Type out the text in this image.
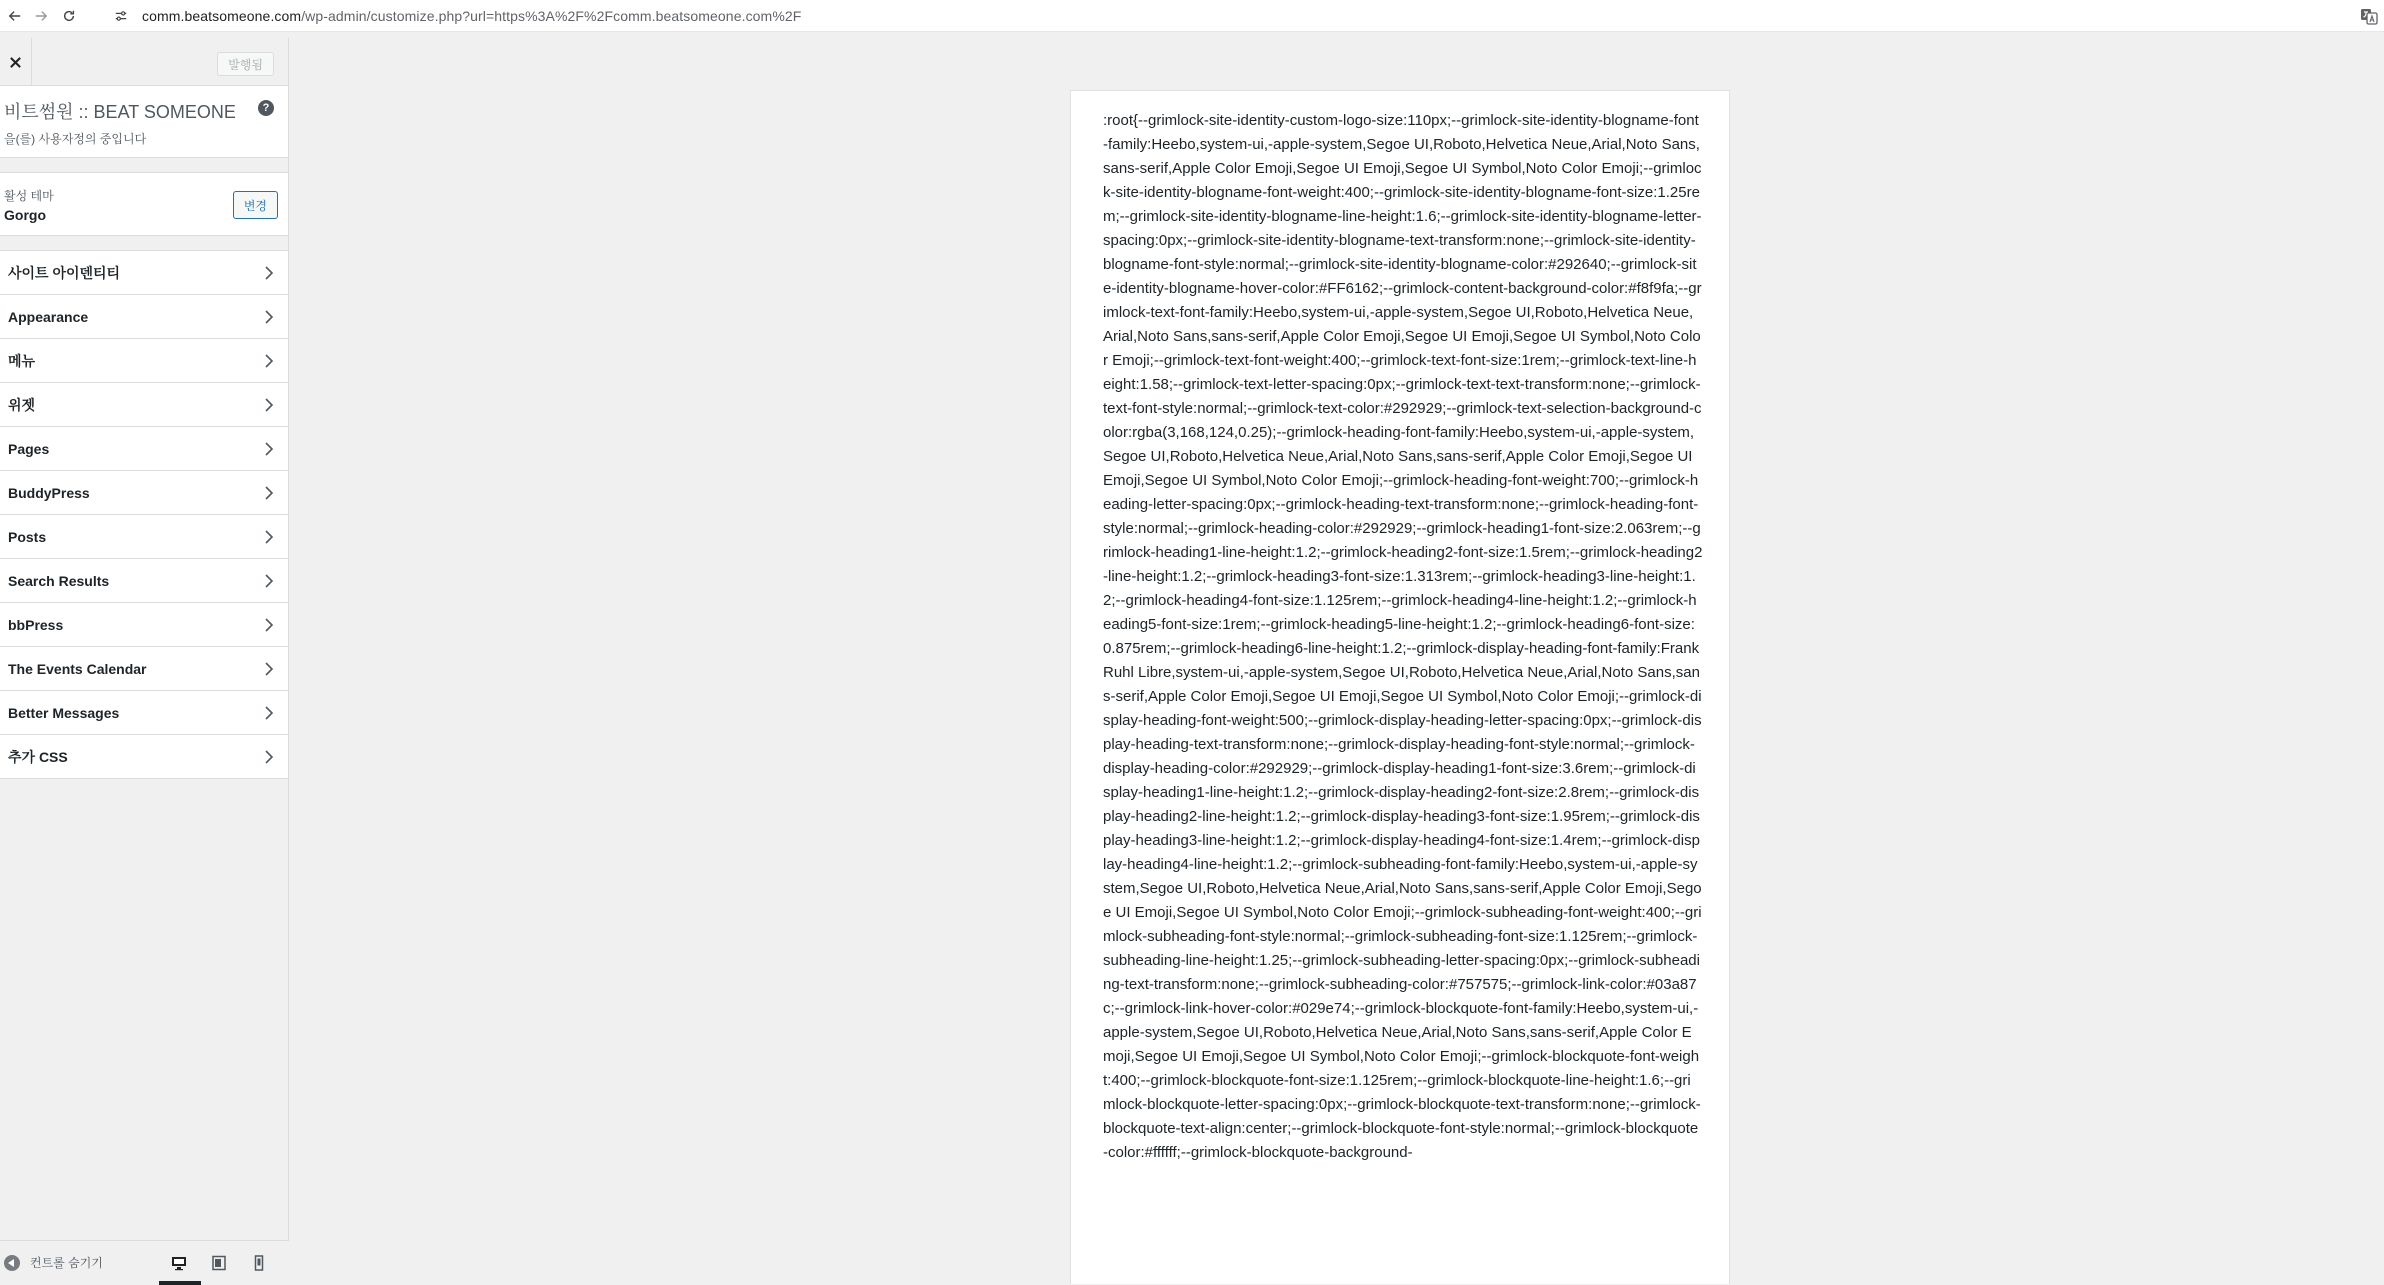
comm.beatsomeone.com/wp-admin/customize.php?url=https%3A%2F%2Fcomm.beatsomeone.com%2F
발행됨
비트썸원 :: BEAT SOMEONE
을(를) 사용자정의 중입니다
?
활성 테마
Gorgo
변경
사이트 아이덴티티
Appearance
메뉴
위젯
Pages
BuddyPress
Posts
Search Results
bbPress
The Events Calendar
Better Messages
추가 CSS
컨트롤 숨기기
:root{--grimlock-site-identity-custom-logo-size:110px;--grimlock-site-identity-blogname-font-family:Heebo,system-ui,-apple-system,Segoe UI,Roboto,Helvetica Neue,Arial,Noto Sans,sans-serif,Apple Color Emoji,Segoe UI Emoji,Segoe UI Symbol,Noto Color Emoji;--grimlock-site-identity-blogname-font-weight:400;--grimlock-site-identity-blogname-font-size:1.25rem;--grimlock-site-identity-blogname-line-height:1.6;--grimlock-site-identity-blogname-letter-spacing:0px;--grimlock-site-identity-blogname-text-transform:none;--grimlock-site-identity-blogname-font-style:normal;--grimlock-site-identity-blogname-color:#292640;--grimlock-site-identity-blogname-hover-color:#FF6162;--grimlock-content-background-color:#f8f9fa;--grimlock-text-font-family:Heebo,system-ui,-apple-system,Segoe UI,Roboto,Helvetica Neue,Arial,Noto Sans,sans-serif,Apple Color Emoji,Segoe UI Emoji,Segoe UI Symbol,Noto Color Emoji;--grimlock-text-font-weight:400;--grimlock-text-font-size:1rem;--grimlock-text-line-height:1.58;--grimlock-text-letter-spacing:0px;--grimlock-text-text-transform:none;--grimlock-text-font-style:normal;--grimlock-text-color:#292929;--grimlock-text-selection-background-color:rgba(3,168,124,0.25);--grimlock-heading-font-family:Heebo,system-ui,-apple-system,Segoe UI,Roboto,Helvetica Neue,Arial,Noto Sans,sans-serif,Apple Color Emoji,Segoe UI Emoji,Segoe UI Symbol,Noto Color Emoji;--grimlock-heading-font-weight:700;--grimlock-heading-letter-spacing:0px;--grimlock-heading-text-transform:none;--grimlock-heading-font-style:normal;--grimlock-heading-color:#292929;--grimlock-heading1-font-size:2.063rem;--grimlock-heading1-line-height:1.2;--grimlock-heading2-font-size:1.5rem;--grimlock-heading2-line-height:1.2;--grimlock-heading3-font-size:1.313rem;--grimlock-heading3-line-height:1.2;--grimlock-heading4-font-size:1.125rem;--grimlock-heading4-line-height:1.2;--grimlock-heading5-font-size:1rem;--grimlock-heading5-line-height:1.2;--grimlock-heading6-font-size:0.875rem;--grimlock-heading6-line-height:1.2;--grimlock-display-heading-font-family:Frank Ruhl Libre,system-ui,-apple-system,Segoe UI,Roboto,Helvetica Neue,Arial,Noto Sans,sans-serif,Apple Color Emoji,Segoe UI Emoji,Segoe UI Symbol,Noto Color Emoji;--grimlock-display-heading-font-weight:500;--grimlock-display-heading-letter-spacing:0px;--grimlock-display-heading-text-transform:none;--grimlock-display-heading-font-style:normal;--grimlock-display-heading-color:#292929;--grimlock-display-heading1-font-size:3.6rem;--grimlock-display-heading1-line-height:1.2;--grimlock-display-heading2-font-size:2.8rem;--grimlock-display-heading2-line-height:1.2;--grimlock-display-heading3-font-size:1.95rem;--grimlock-display-heading3-line-height:1.2;--grimlock-display-heading4-font-size:1.4rem;--grimlock-display-heading4-line-height:1.2;--grimlock-subheading-font-family:Heebo,system-ui,-apple-system,Segoe UI,Roboto,Helvetica Neue,Arial,Noto Sans,sans-serif,Apple Color Emoji,Segoe UI Emoji,Segoe UI Symbol,Noto Color Emoji;--grimlock-subheading-font-weight:400;--grimlock-subheading-font-style:normal;--grimlock-subheading-font-size:1.125rem;--grimlock-subheading-line-height:1.25;--grimlock-subheading-letter-spacing:0px;--grimlock-subheading-text-transform:none;--grimlock-subheading-color:#757575;--grimlock-link-color:#03a87c;--grimlock-link-hover-color:#029e74;--grimlock-blockquote-font-family:Heebo,system-ui,-apple-system,Segoe UI,Roboto,Helvetica Neue,Arial,Noto Sans,sans-serif,Apple Color Emoji,Segoe UI Emoji,Segoe UI Symbol,Noto Color Emoji;--grimlock-blockquote-font-weight:400;--grimlock-blockquote-font-size:1.125rem;--grimlock-blockquote-line-height:1.6;--grimlock-blockquote-letter-spacing:0px;--grimlock-blockquote-text-transform:none;--grimlock-blockquote-text-align:center;--grimlock-blockquote-font-style:normal;--grimlock-blockquote-color:#ffffff;--grimlock-blockquote-background-
